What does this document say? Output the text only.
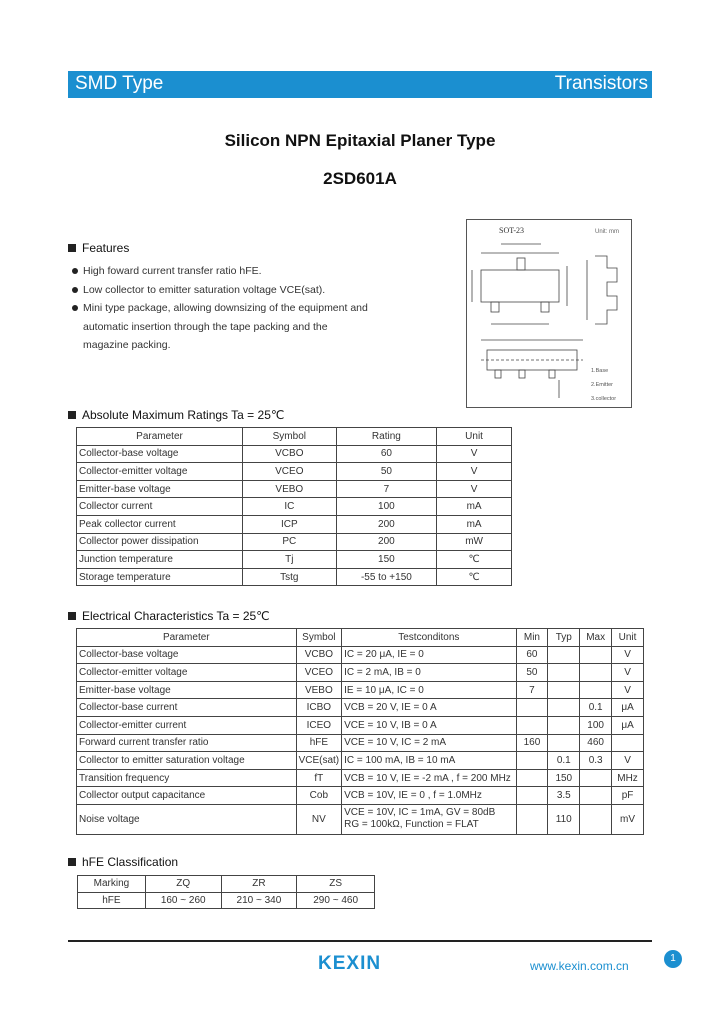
SMD Type	Transistors
Silicon NPN Epitaxial Planer Type
2SD601A
SOT-23	Unit: mm
1.Base
2.Emitter
3.collector
Features
High foward current transfer ratio hFE.
Low collector to emitter saturation voltage VCE(sat).
Mini type package, allowing downsizing of the equipment and automatic insertion through the tape packing and the magazine packing.
Absolute Maximum Ratings Ta = 25℃
Parameter	Symbol	Rating	Unit
Collector-base voltage	VCBO	60	V
Collector-emitter voltage	VCEO	50	V
Emitter-base voltage	VEBO	7	V
Collector current	IC	100	mA
Peak collector current	ICP	200	mA
Collector power dissipation	PC	200	mW
Junction temperature	Tj	150	℃
Storage temperature	Tstg	-55 to +150	℃
Electrical Characteristics Ta = 25℃
Parameter	Symbol	Testconditons	Min	Typ	Max	Unit
Collector-base voltage	VCBO	IC = 20 μA, IE = 0	60			V
Collector-emitter voltage	VCEO	IC = 2 mA, IB = 0	50			V
Emitter-base voltage	VEBO	IE = 10 μA, IC = 0	7			V
Collector-base current	ICBO	VCB = 20 V, IE = 0 A			0.1	μA
Collector-emitter current	ICEO	VCE = 10 V, IB = 0 A			100	μA
Forward current transfer ratio	hFE	VCE = 10 V, IC = 2 mA	160		460	
Collector to emitter saturation voltage	VCE(sat)	IC = 100 mA, IB = 10 mA		0.1	0.3	V
Transition frequency	fT	VCB = 10 V, IE = -2 mA , f = 200 MHz		150		MHz
Collector output capacitance	Cob	VCB = 10V, IE = 0 , f = 1.0MHz		3.5		pF
Noise voltage	NV	VCE = 10V, IC = 1mA, GV = 80dB
RG = 100kΩ, Function = FLAT		110		mV
hFE Classification
Marking	ZQ	ZR	ZS
hFE	160 ~ 260	210 ~ 340	290 ~ 460
1
KEXIN	www.kexin.com.cn
